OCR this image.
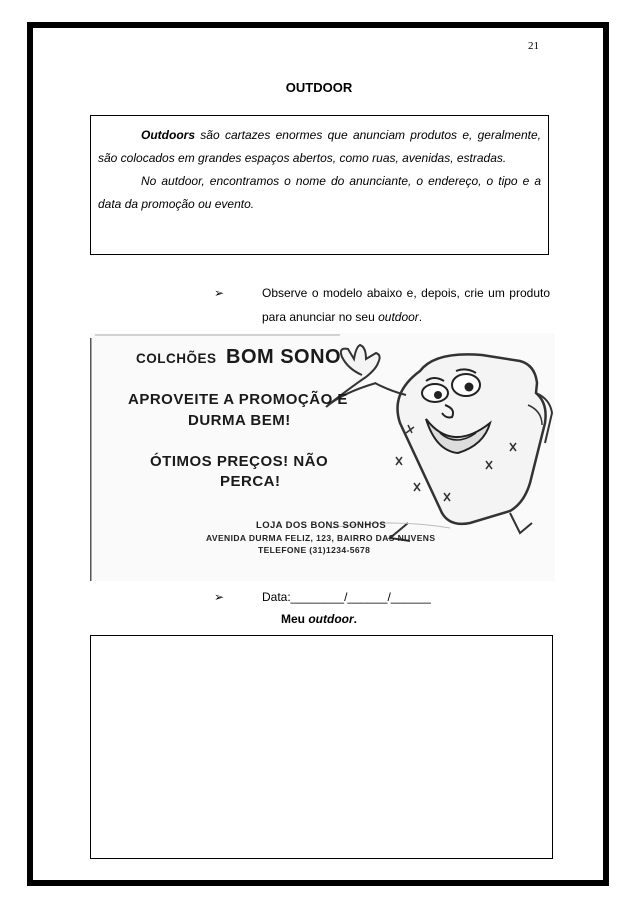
21
OUTDOOR

Outdoors são cartazes enormes que anunciam produtos e, geralmente, são colocados em grandes espaços abertos, como ruas, avenidas, estradas.

No autdoor, encontramos o nome do anunciante, o endereço, o tipo e a data da promoção ou evento.

➢	Observe o modelo abaixo e, depois, crie um produto para anunciar no seu outdoor.
COLCHÕES BOM SONO
APROVEITE A PROMOÇÃO E
DURMA BEM!
ÓTIMOS PREÇOS! NÃO
PERCA!
LOJA DOS BONS SONHOS
AVENIDA DURMA FELIZ, 123, BAIRRO DAS NUVENS
TELEFONE (31)1234-5678
➢	Data:________/______/______
Meu outdoor.
